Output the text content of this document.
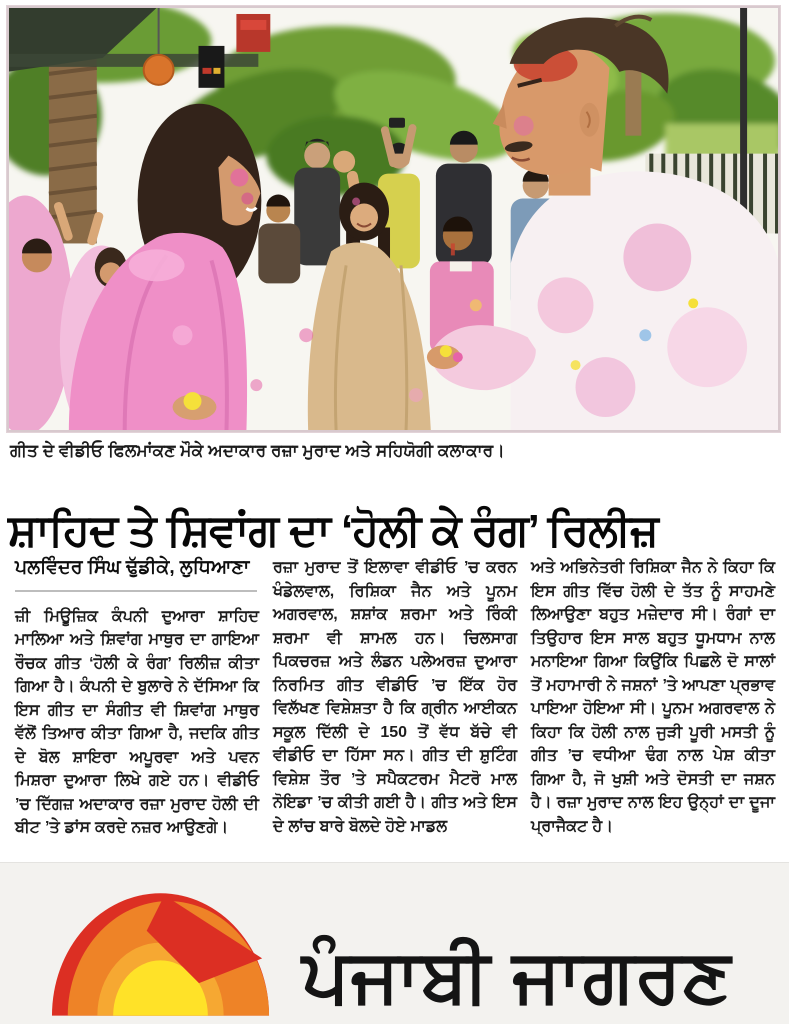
ਗੀਤ ਦੇ ਵੀਡੀਓ ਫਿਲਮਾਂਕਣ ਮੌਕੇ ਅਦਾਕਾਰ ਰਜ਼ਾ ਮੁਰਾਦ ਅਤੇ ਸਹਿਯੋਗੀ ਕਲਾਕਾਰ।
ਸ਼ਾਹਿਦ ਤੇ ਸ਼ਿਵਾਂਗ ਦਾ ‘ਹੋਲੀ ਕੇ ਰੰਗ’ ਰਿਲੀਜ਼

ਪਲਵਿੰਦਰ ਸਿੰਘ ਢੁੱਡੀਕੇ, ਲੁਧਿਆਣਾ

ਜ਼ੀ ਮਿਊਜ਼ਿਕ ਕੰਪਨੀ ਦੁਆਰਾ ਸ਼ਾਹਿਦ ਮਾਲਿਆ ਅਤੇ ਸ਼ਿਵਾਂਗ ਮਾਥੁਰ ਦਾ ਗਾਇਆ ਰੌਚਕ ਗੀਤ ‘ਹੋਲੀ ਕੇ ਰੰਗ’ ਰਿਲੀਜ਼ ਕੀਤਾ ਗਿਆ ਹੈ। ਕੰਪਨੀ ਦੇ ਬੁਲਾਰੇ ਨੇ ਦੱਸਿਆ ਕਿ ਇਸ ਗੀਤ ਦਾ ਸੰਗੀਤ ਵੀ ਸ਼ਿਵਾਂਗ ਮਾਥੁਰ ਵੱਲੋਂ ਤਿਆਰ ਕੀਤਾ ਗਿਆ ਹੈ, ਜਦਕਿ ਗੀਤ ਦੇ ਬੋਲ ਸ਼ਾਇਰਾ ਅਪੂਰਵਾ ਅਤੇ ਪਵਨ ਮਿਸ਼ਰਾ ਦੁਆਰਾ ਲਿਖੇ ਗਏ ਹਨ। ਵੀਡੀਓ ’ਚ ਦਿੱਗਜ਼ ਅਦਾਕਾਰ ਰਜ਼ਾ ਮੁਰਾਦ ਹੋਲੀ ਦੀ ਬੀਟ ’ਤੇ ਡਾਂਸ ਕਰਦੇ ਨਜ਼ਰ ਆਉਣਗੇ।

ਰਜ਼ਾ ਮੁਰਾਦ ਤੋਂ ਇਲਾਵਾ ਵੀਡੀਓ ’ਚ ਕਰਨ ਖੰਡੇਲਵਾਲ, ਰਿਸ਼ਿਕਾ ਜੈਨ ਅਤੇ ਪੂਨਮ ਅਗਰਵਾਲ, ਸ਼ਸ਼ਾਂਕ ਸ਼ਰਮਾ ਅਤੇ ਰਿੰਕੀ ਸ਼ਰਮਾ ਵੀ ਸ਼ਾਮਲ ਹਨ। ਚਿਲਸਾਗ ਪਿਕਚਰਜ਼ ਅਤੇ ਲੰਡਨ ਪਲੇਅਰਜ਼ ਦੁਆਰਾ ਨਿਰਮਿਤ ਗੀਤ ਵੀਡੀਓ ’ਚ ਇੱਕ ਹੋਰ ਵਿਲੱਖਣ ਵਿਸ਼ੇਸ਼ਤਾ ਹੈ ਕਿ ਗ੍ਰੀਨ ਆਈਕਨ ਸਕੂਲ ਦਿੱਲੀ ਦੇ 150 ਤੋਂ ਵੱਧ ਬੱਚੇ ਵੀ ਵੀਡੀਓ ਦਾ ਹਿੱਸਾ ਸਨ। ਗੀਤ ਦੀ ਸ਼ੁਟਿੰਗ ਵਿਸ਼ੇਸ਼ ਤੌਰ ’ਤੇ ਸਪੈਕਟਰਮ ਮੈਟਰੋ ਮਾਲ ਨੋਇਡਾ ’ਚ ਕੀਤੀ ਗਈ ਹੈ। ਗੀਤ ਅਤੇ ਇਸ ਦੇ ਲਾਂਚ ਬਾਰੇ ਬੋਲਦੇ ਹੋਏ ਮਾਡਲ

ਅਤੇ ਅਭਿਨੇਤਰੀ ਰਿਸ਼ਿਕਾ ਜੈਨ ਨੇ ਕਿਹਾ ਕਿ ਇਸ ਗੀਤ ਵਿੱਚ ਹੋਲੀ ਦੇ ਤੱਤ ਨੂੰ ਸਾਹਮਣੇ ਲਿਆਉਣਾ ਬਹੁਤ ਮਜ਼ੇਦਾਰ ਸੀ। ਰੰਗਾਂ ਦਾ ਤਿਉਹਾਰ ਇਸ ਸਾਲ ਬਹੁਤ ਧੂਮਧਾਮ ਨਾਲ ਮਨਾਇਆ ਗਿਆ ਕਿਉਂਕਿ ਪਿਛਲੇ ਦੋ ਸਾਲਾਂ ਤੋਂ ਮਹਾਮਾਰੀ ਨੇ ਜਸ਼ਨਾਂ ’ਤੇ ਆਪਣਾ ਪ੍ਰਭਾਵ ਪਾਇਆ ਹੋਇਆ ਸੀ। ਪੂਨਮ ਅਗਰਵਾਲ ਨੇ ਕਿਹਾ ਕਿ ਹੋਲੀ ਨਾਲ ਜੁੜੀ ਪੂਰੀ ਮਸਤੀ ਨੂੰ ਗੀਤ ’ਚ ਵਧੀਆ ਢੰਗ ਨਾਲ ਪੇਸ਼ ਕੀਤਾ ਗਿਆ ਹੈ, ਜੋ ਖੁਸ਼ੀ ਅਤੇ ਦੋਸਤੀ ਦਾ ਜਸ਼ਨ ਹੈ। ਰਜ਼ਾ ਮੁਰਾਦ ਨਾਲ ਇਹ ਉਨ੍ਹਾਂ ਦਾ ਦੂਜਾ ਪ੍ਰਾਜੈਕਟ ਹੈ।

ਪੰਜਾਬੀ ਜਾਗਰਣ
